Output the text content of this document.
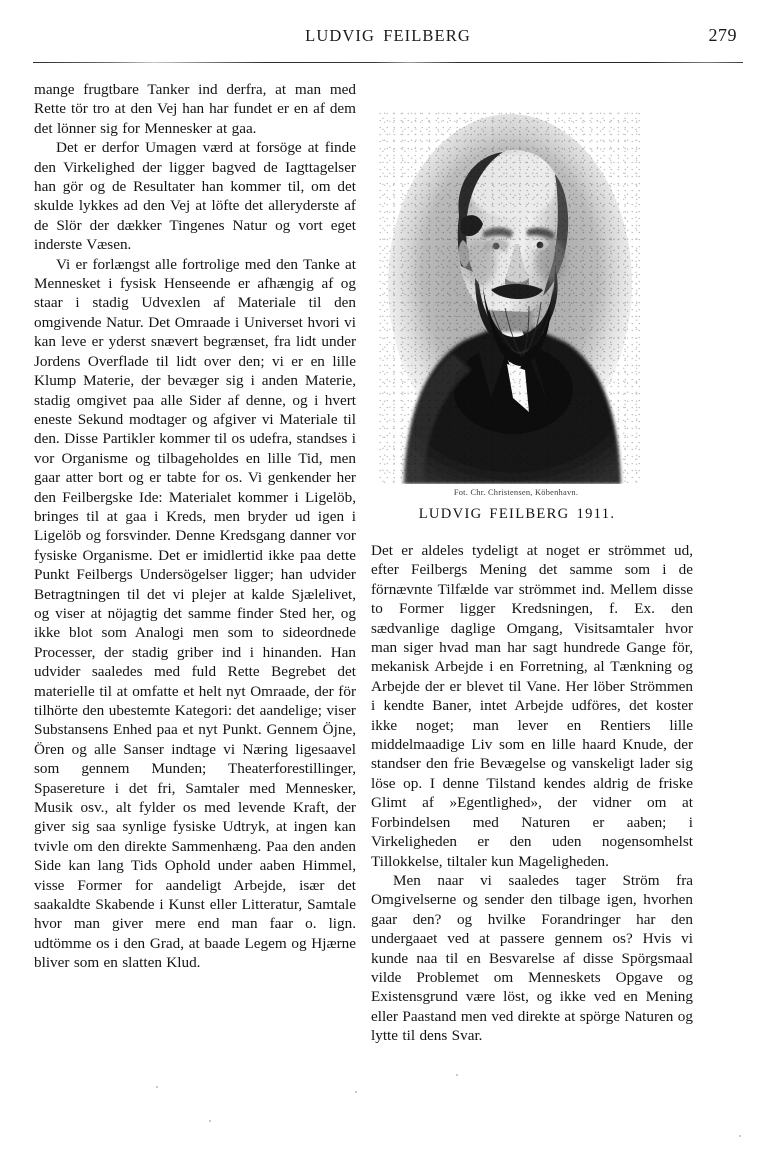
LUDVIG FEILBERG	279

mange frugtbare Tanker ind derfra, at man med Rette tör tro at den Vej han har fundet er en af dem det lönner sig for Mennesker at gaa.

Det er derfor Umagen værd at forsöge at finde den Virkelighed der ligger bagved de Iagttagelser han gör og de Resultater han kommer til, om det skulde lykkes ad den Vej at löfte det alleryderste af de Slör der dækker Tingenes Natur og vort eget inderste Væsen.

Vi er forlængst alle fortrolige med den Tanke at Mennesket i fysisk Henseende er afhængig af og staar i stadig Udvexlen af Materiale til den omgivende Natur. Det Omraade i Universet hvori vi kan leve er yderst snævert begrænset, fra lidt under Jordens Overflade til lidt over den; vi er en lille Klump Materie, der bevæger sig i anden Materie, stadig omgivet paa alle Sider af denne, og i hvert eneste Sekund modtager og afgiver vi Materiale til den. Disse Partikler kommer til os udefra, standses i vor Organisme og tilbageholdes en lille Tid, men gaar atter bort og er tabte for os. Vi genkender her den Feilbergske Ide: Materialet kommer i Ligelöb, bringes til at gaa i Kreds, men bryder ud igen i Ligelöb og forsvinder. Denne Kredsgang danner vor fysiske Organisme. Det er imidlertid ikke paa dette Punkt Feilbergs Undersögelser ligger; han udvider Betragtningen til det vi plejer at kalde Sjælelivet, og viser at nöjagtig det samme finder Sted her, og ikke blot som Analogi men som to sideordnede Processer, der stadig griber ind i hinanden. Han udvider saaledes med fuld Rette Begrebet det materielle til at omfatte et helt nyt Omraade, der för tilhörte den ubestemte Kategori: det aandelige; viser Substansens Enhed paa et nyt Punkt. Gennem Öjne, Ören og alle Sanser indtage vi Næring ligesaavel som gennem Munden; Theaterforestillinger, Spasereture i det fri, Samtaler med Mennesker, Musik osv., alt fylder os med levende Kraft, der giver sig saa synlige fysiske Udtryk, at ingen kan tvivle om den direkte Sammenhæng. Paa den anden Side kan lang Tids Ophold under aaben Himmel, visse Former for aandeligt Arbejde, især det saakaldte Skabende i Kunst eller Litteratur, Samtale hvor man giver mere end man faar o. lign. udtömme os i den Grad, at baade Legem og Hjærne bliver som en slatten Klud.

Fot. Chr. Christensen, Köbenhavn.
LUDVIG FEILBERG 1911.

Det er aldeles tydeligt at noget er strömmet ud, efter Feilbergs Mening det samme som i de förnævnte Tilfælde var strömmet ind. Mellem disse to Former ligger Kredsningen, f. Ex. den sædvanlige daglige Omgang, Visitsamtaler hvor man siger hvad man har sagt hundrede Gange för, mekanisk Arbejde i en Forretning, al Tænkning og Arbejde der er blevet til Vane. Her löber Strömmen i kendte Baner, intet Arbejde udföres, det koster ikke noget; man lever en Rentiers lille middelmaadige Liv som en lille haard Knude, der standser den frie Bevægelse og vanskeligt lader sig löse op. I denne Tilstand kendes aldrig de friske Glimt af »Egentlighed», der vidner om at Forbindelsen med Naturen er aaben; i Virkeligheden er den uden nogensomhelst Tillokkelse, tiltaler kun Mageligheden.

Men naar vi saaledes tager Ström fra Omgivelserne og sender den tilbage igen, hvorhen gaar den? og hvilke Forandringer har den undergaaet ved at passere gennem os? Hvis vi kunde naa til en Besvarelse af disse Spörgsmaal vilde Problemet om Menneskets Opgave og Existensgrund være löst, og ikke ved en Mening eller Paastand men ved direkte at spörge Naturen og lytte til dens Svar.
